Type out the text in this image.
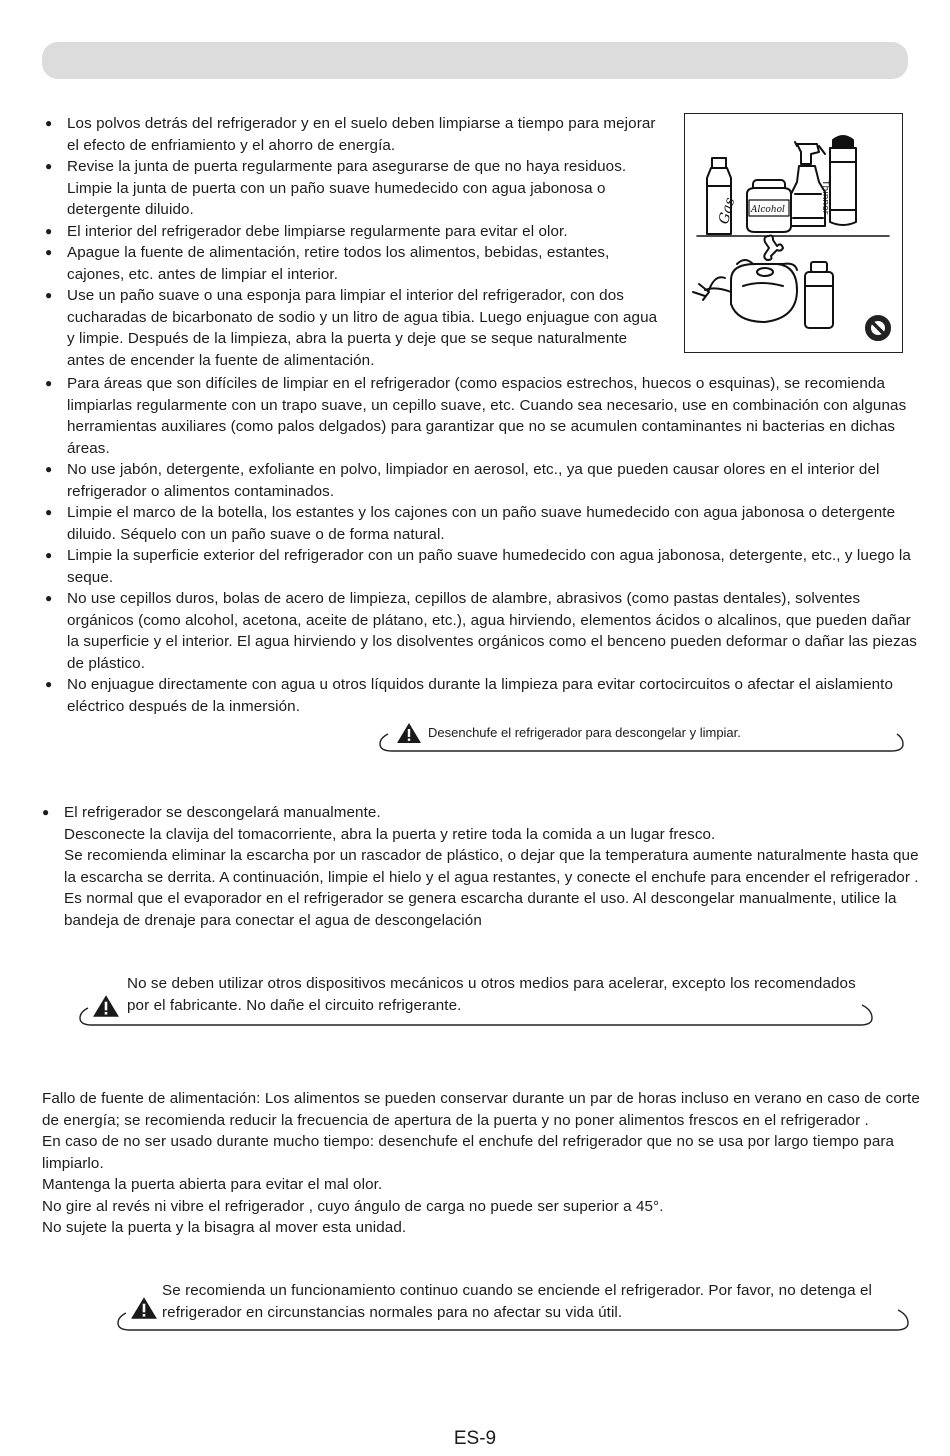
● Los polvos detrás del refrigerador y en el suelo deben limpiarse a tiempo para mejorar el efecto de enfriamiento y el ahorro de energía.
● Revise la junta de puerta regularmente para asegurarse de que no haya residuos. Limpie la junta de puerta con un paño suave humedecido con agua jabonosa o detergente diluido.
● El interior del refrigerador debe limpiarse regularmente para evitar el olor.
● Apague la fuente de alimentación, retire todos los alimentos, bebidas, estantes, cajones, etc. antes de limpiar el interior.
● Use un paño suave o una esponja para limpiar el interior del refrigerador, con dos cucharadas de bicarbonato de sodio y un litro de agua tibia. Luego enjuague con agua y limpie. Después de la limpieza, abra la puerta y deje que se seque naturalmente antes de encender la fuente de alimentación.
Gas Alcohol	Thinner
● Para áreas que son difíciles de limpiar en el refrigerador (como espacios estrechos, huecos o esquinas), se recomienda limpiarlas regularmente con un trapo suave, un cepillo suave, etc. Cuando sea necesario, use en combinación con algunas herramientas auxiliares (como palos delgados) para garantizar que no se acumulen contaminantes ni bacterias en dichas áreas.
● No use jabón, detergente, exfoliante en polvo, limpiador en aerosol, etc., ya que pueden causar olores en el interior del refrigerador o alimentos contaminados.
● Limpie el marco de la botella, los estantes y los cajones con un paño suave humedecido con agua jabonosa o detergente diluido. Séquelo con un paño suave o de forma natural.
● Limpie la superficie exterior del refrigerador con un paño suave humedecido con agua jabonosa, detergente, etc., y luego la seque.
● No use cepillos duros, bolas de acero de limpieza, cepillos de alambre, abrasivos (como pastas dentales), solventes orgánicos (como alcohol, acetona, aceite de plátano, etc.), agua hirviendo, elementos ácidos o alcalinos, que pueden dañar la superficie y el interior. El agua hirviendo y los disolventes orgánicos como el benceno pueden deformar o dañar las piezas de plástico.
● No enjuague directamente con agua u otros líquidos durante la limpieza para evitar cortocircuitos o afectar el aislamiento eléctrico después de la inmersión.
Desenchufe el refrigerador para descongelar y limpiar.
● El refrigerador se descongelará manualmente.
Desconecte la clavija del tomacorriente, abra la puerta y retire toda la comida a un lugar fresco.
Se recomienda eliminar la escarcha por un rascador de plástico, o dejar que la temperatura aumente naturalmente hasta que la escarcha se derrita. A continuación, limpie el hielo y el agua restantes, y conecte el enchufe para encender el refrigerador .
Es normal que el evaporador en el refrigerador se genera escarcha durante el uso. Al descongelar manualmente, utilice la bandeja de drenaje para conectar el agua de descongelación
No se deben utilizar otros dispositivos mecánicos u otros medios para acelerar, excepto los recomendados por el fabricante. No dañe el circuito refrigerante.
Fallo de fuente de alimentación: Los alimentos se pueden conservar durante un par de horas incluso en verano en caso de corte de energía; se recomienda reducir la frecuencia de apertura de la puerta y no poner alimentos frescos en el refrigerador .
En caso de no ser usado durante mucho tiempo: desenchufe el enchufe del refrigerador que no se usa por largo tiempo para limpiarlo.
Mantenga la puerta abierta para evitar el mal olor.
No gire al revés ni vibre el refrigerador , cuyo ángulo de carga no puede ser superior a 45°.
No sujete la puerta y la bisagra al mover esta unidad.
Se recomienda un funcionamiento continuo cuando se enciende el refrigerador. Por favor, no detenga el refrigerador en circunstancias normales para no afectar su vida útil.
ES-9
